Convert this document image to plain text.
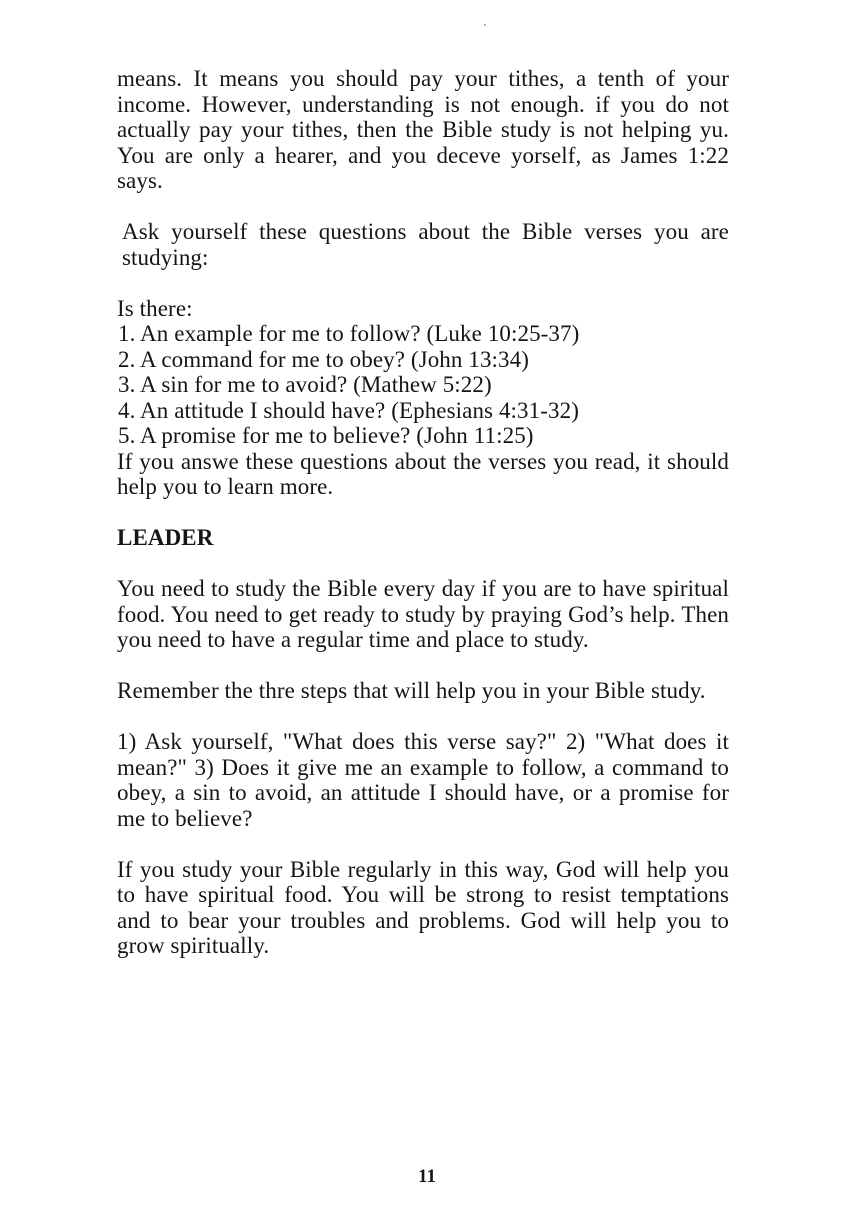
means. It means you should pay your tithes, a tenth of your income. However, understanding is not enough. if you do not actually pay your tithes, then the Bible study is not helping yu. You are only a hearer, and you deceve yorself, as James 1:22 says.

Ask yourself these questions about the Bible verses you are studying:

Is there:

1. An example for me to follow? (Luke 10:25-37)
2. A command for me to obey? (John 13:34)
3. A sin for me to avoid? (Mathew 5:22)
4. An attitude I should have? (Ephesians 4:31-32)
5. A promise for me to believe? (John 11:25)

If you answe these questions about the verses you read, it should help you to learn more.

LEADER

You need to study the Bible every day if you are to have spiritual food. You need to get ready to study by praying God’s help. Then you need to have a regular time and place to study.

Remember the thre steps that will help you in your Bible study.

1) Ask yourself, "What does this verse say?" 2) "What does it mean?" 3) Does it give me an example to follow, a command to obey, a sin to avoid, an attitude I should have, or a promise for me to believe?

If you study your Bible regularly in this way, God will help you to have spiritual food. You will be strong to resist temptations and to bear your troubles and problems. God will help you to grow spiritually.

11
